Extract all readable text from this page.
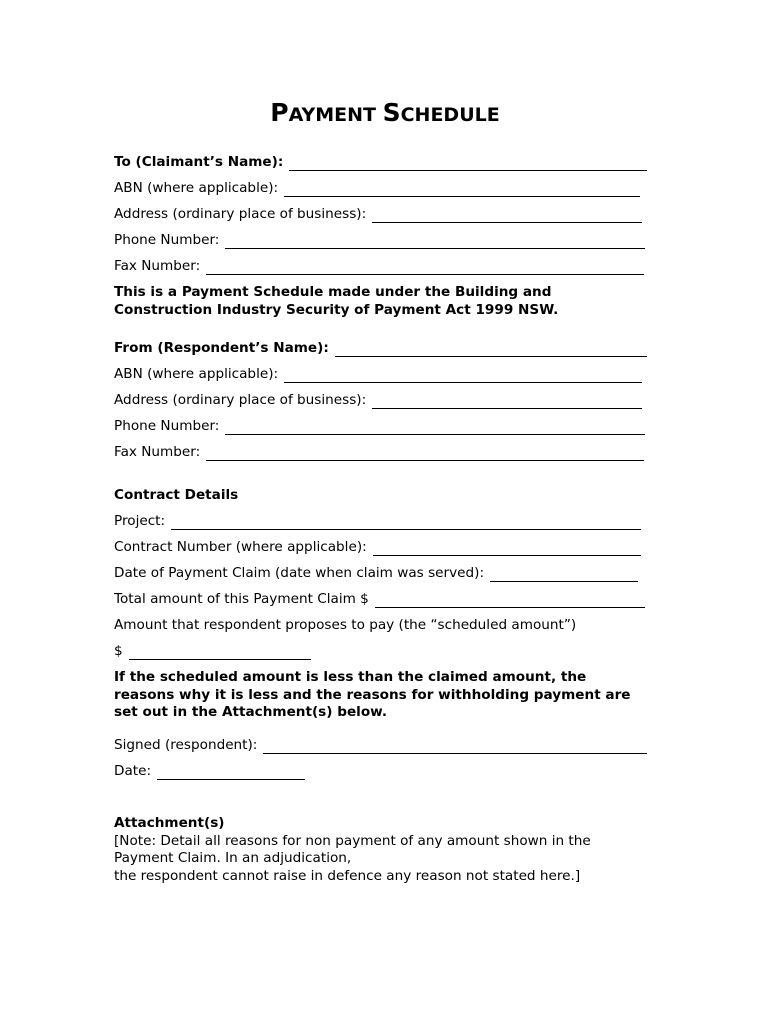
PAYMENT SCHEDULE
To (Claimant’s Name):
ABN (where applicable):
Address (ordinary place of business):
Phone Number:
Fax Number:
This is a Payment Schedule made under the Building and
Construction Industry Security of Payment Act 1999 NSW.
From (Respondent’s Name):
ABN (where applicable):
Address (ordinary place of business):
Phone Number:
Fax Number:
Contract Details
Project:
Contract Number (where applicable):
Date of Payment Claim (date when claim was served):
Total amount of this Payment Claim $
Amount that respondent proposes to pay (the “scheduled amount”)
$
If the scheduled amount is less than the claimed amount, the
reasons why it is less and the reasons for withholding payment are
set out in the Attachment(s) below.
Signed (respondent):
Date:
Attachment(s)
[Note: Detail all reasons for non payment of any amount shown in the
Payment Claim. In an adjudication,
the respondent cannot raise in defence any reason not stated here.]
